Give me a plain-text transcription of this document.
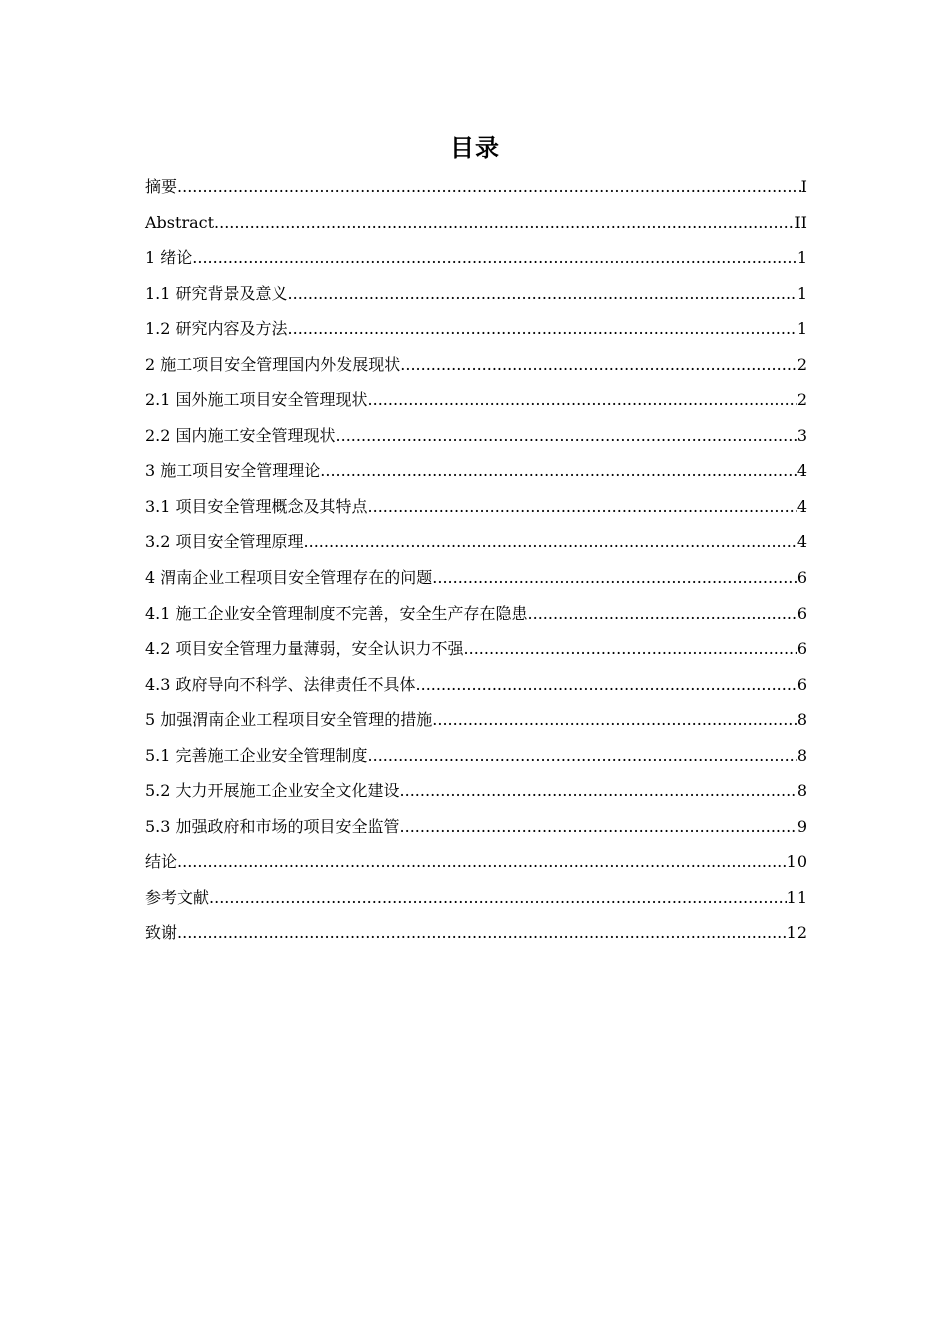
目录
摘要 .....	I
Abstract .....	II
1 绪论 .....	1
1.1 研究背景及意义 .....	1
1.2 研究内容及方法 .....	1
2 施工项目安全管理国内外发展现状 .....	2
2.1 国外施工项目安全管理现状 .....	2
2.2 国内施工安全管理现状 .....	3
3 施工项目安全管理理论 .....	4
3.1 项目安全管理概念及其特点 .....	4
3.2 项目安全管理原理 .....	4
4 渭南企业工程项目安全管理存在的问题 .....	6
4.1 施工企业安全管理制度不完善，安全生产存在隐患 .....	6
4.2 项目安全管理力量薄弱，安全认识力不强 .....	6
4.3 政府导向不科学、法律责任不具体 .....	6
5 加强渭南企业工程项目安全管理的措施 .....	8
5.1 完善施工企业安全管理制度 .....	8
5.2 大力开展施工企业安全文化建设 .....	8
5.3 加强政府和市场的项目安全监管 .....	9
结论 .....	10
参考文献 .....	11
致谢 .....	12
